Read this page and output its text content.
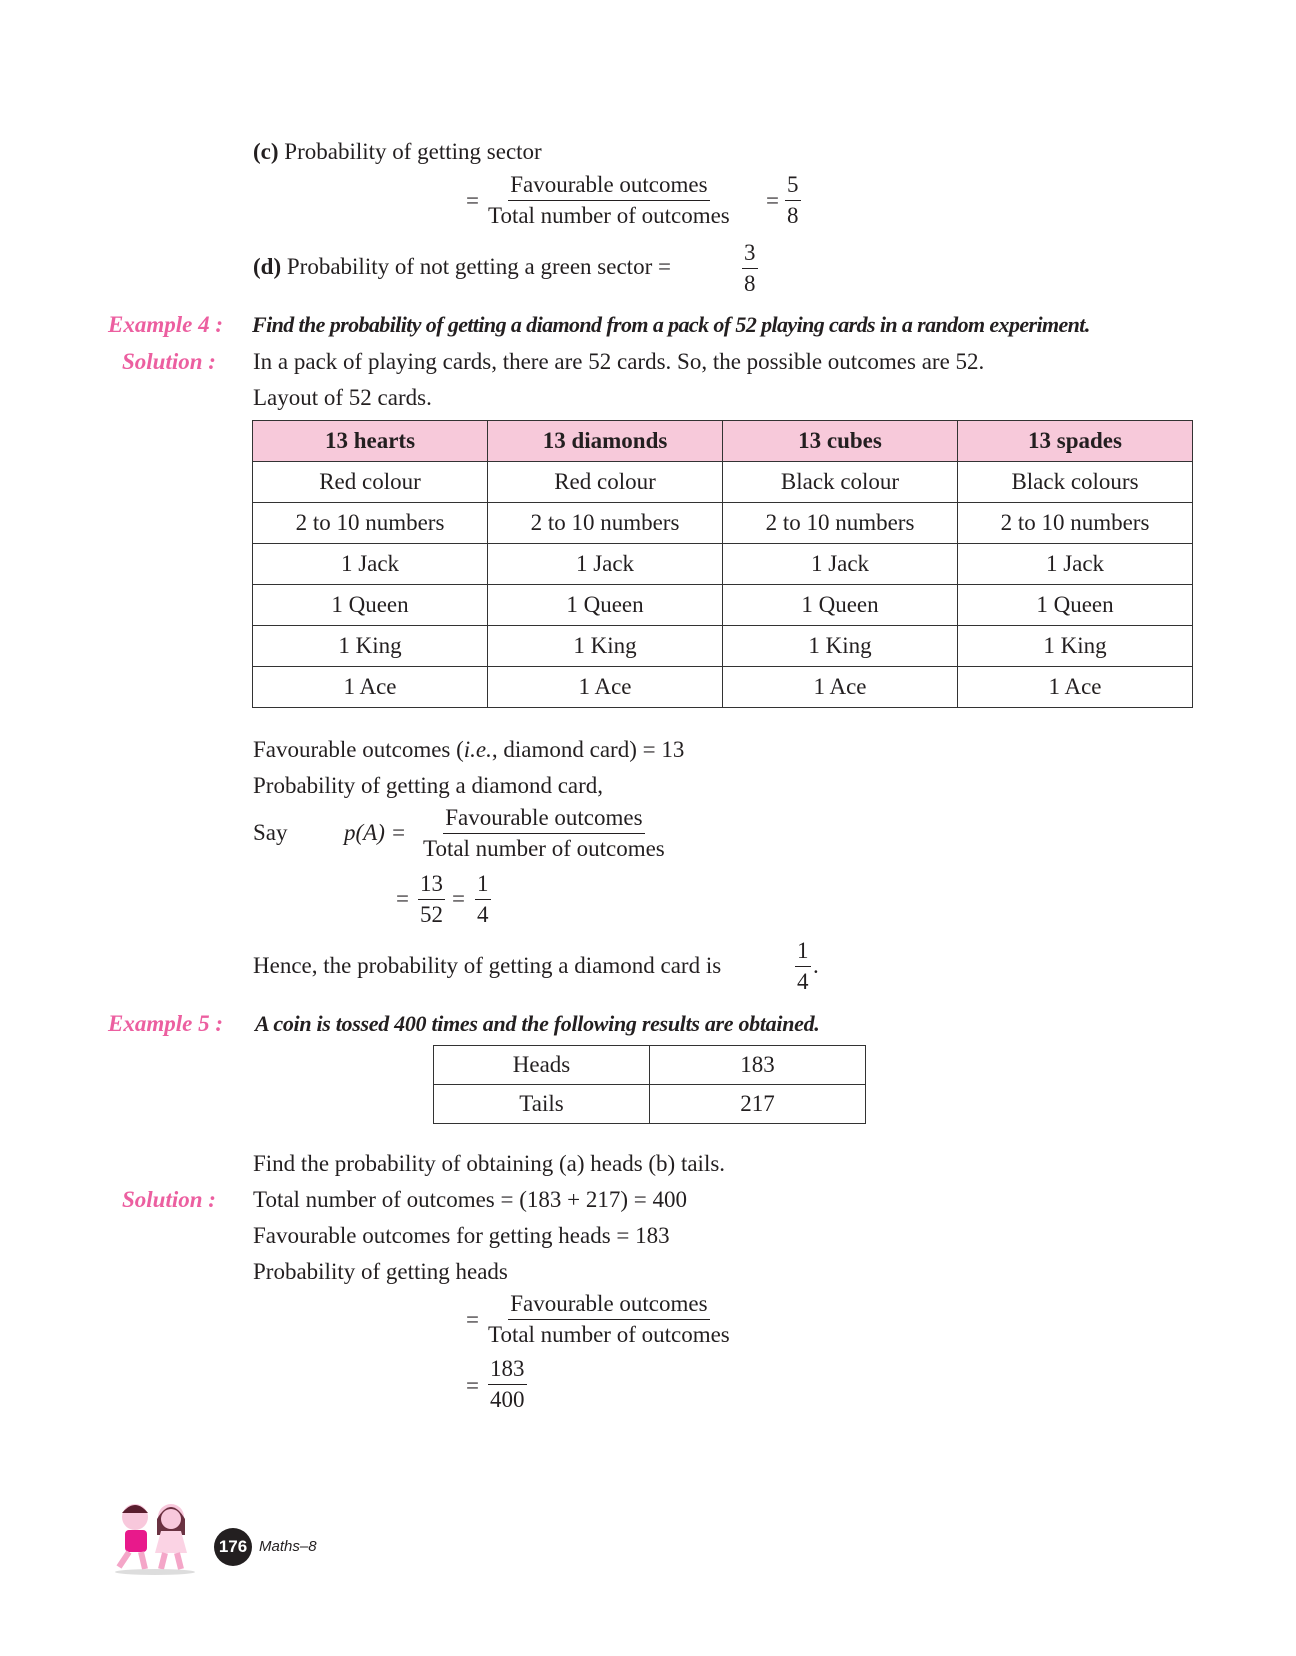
(c) Probability of getting sector
=
Favourable outcomes
Total number of outcomes
= $\frac{5}{8}$
(d) Probability of not getting a green sector =	$\frac{3}{8}$
Example 4 : Find the probability of getting a diamond from a pack of 52 playing cards in a random experiment.
Solution : In a pack of playing cards, there are 52 cards. So, the possible outcomes are 52.
Layout of 52 cards.
13 hearts	13 diamonds	13 cubes	13 spades
Red colour	Red colour	Black colour	Black colours
2 to 10 numbers	2 to 10 numbers	2 to 10 numbers	2 to 10 numbers
1 Jack	1 Jack	1 Jack	1 Jack
1 Queen	1 Queen	1 Queen	1 Queen
1 King	1 King	1 King	1 King
1 Ace	1 Ace	1 Ace	1 Ace
Favourable outcomes (i.e., diamond card) = 13
Probability of getting a diamond card,
Say p(A) =
Favourable outcomes
Total number of outcomes
= $\frac{13}{52} = \frac{1}{4}$
Hence, the probability of getting a diamond card is	$\frac{1}{4}$ .
Example 5 : A coin is tossed 400 times and the following results are obtained.
Heads	183
Tails	217
Find the probability of obtaining (a) heads (b) tails.
Solution : Total number of outcomes = (183 + 217) = 400
Favourable outcomes for getting heads = 183
Probability of getting heads
=
Favourable outcomes
Total number of outcomes
= $\frac{183}{400}$
176 Maths–8
